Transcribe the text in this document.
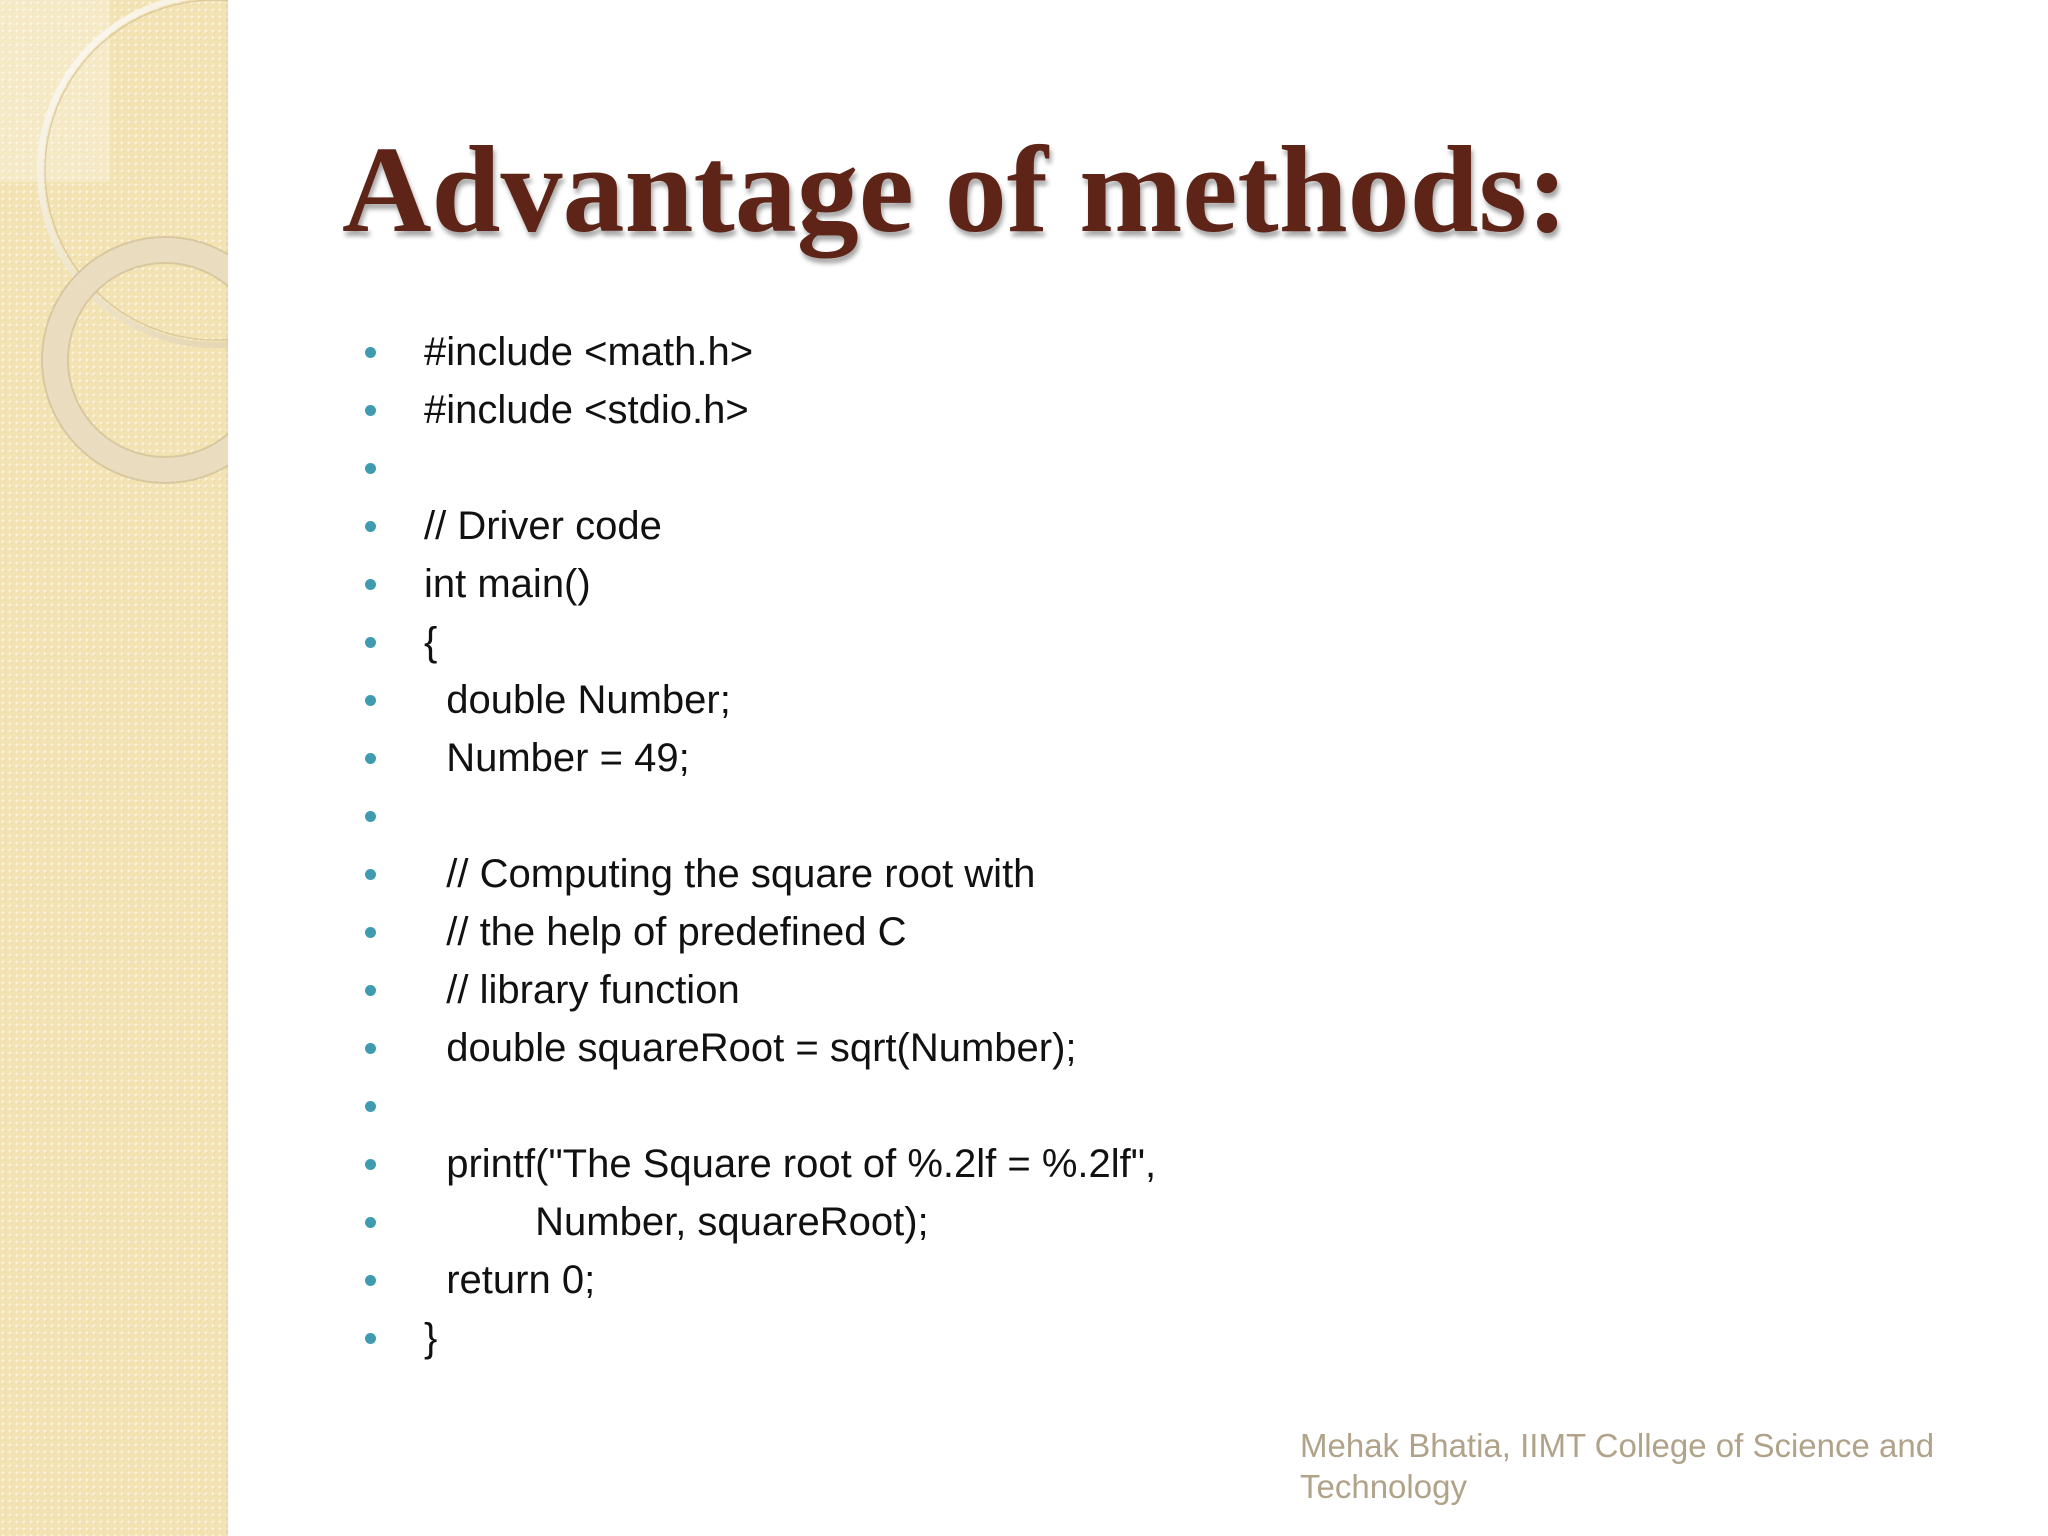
Advantage of methods:
#include <math.h>
#include <stdio.h>
// Driver code
int main()
{
double Number;
Number = 49;
// Computing the square root with
// the help of predefined C
// library function
double squareRoot = sqrt(Number);
printf("The Square root of %.2lf = %.2lf",
Number, squareRoot);
return 0;
}

Mehak Bhatia, IIMT College of Science and Technology
